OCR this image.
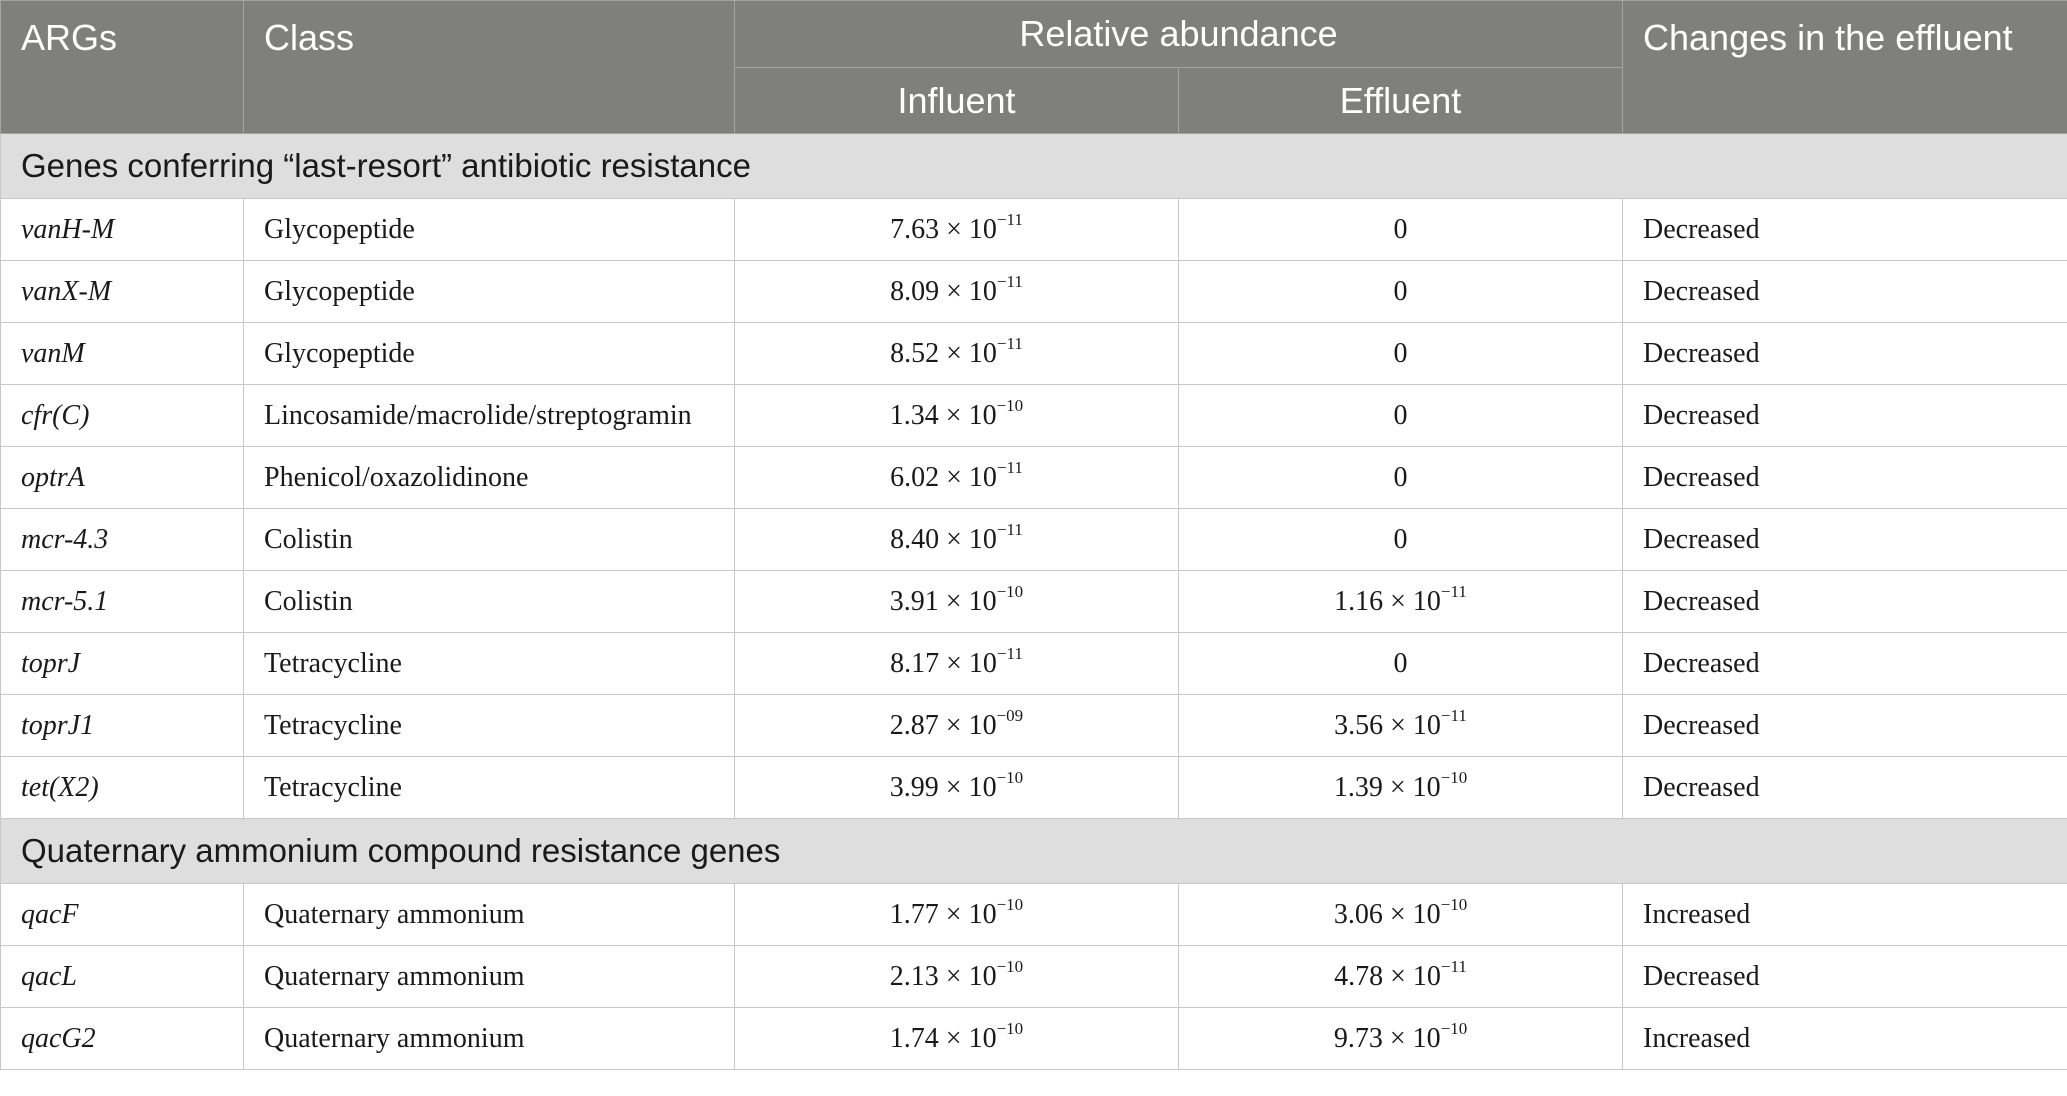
ARGs	Class	Relative abundance		Changes in the effluent
		Influent	Effluent	
Genes conferring “last-resort” antibiotic resistance				
vanH-M	Glycopeptide	$7.63 \times 10^{-11}$	0	Decreased
vanX-M	Glycopeptide	$8.09 \times 10^{-11}$	0	Decreased
vanM	Glycopeptide	$8.52 \times 10^{-11}$	0	Decreased
cfr(C)	Lincosamide/macrolide/streptogramin	$1.34 \times 10^{-10}$	0	Decreased
optrA	Phenicol/oxazolidinone	$6.02 \times 10^{-11}$	0	Decreased
mcr-4.3	Colistin	$8.40 \times 10^{-11}$	0	Decreased
mcr-5.1	Colistin	$3.91 \times 10^{-10}$	$1.16 \times 10^{-11}$	Decreased
toprJ	Tetracycline	$8.17 \times 10^{-11}$	0	Decreased
toprJ1	Tetracycline	$2.87 \times 10^{-09}$	$3.56 \times 10^{-11}$	Decreased
tet(X2)	Tetracycline	$3.99 \times 10^{-10}$	$1.39 \times 10^{-10}$	Decreased
Quaternary ammonium compound resistance genes				
qacF	Quaternary ammonium	$1.77 \times 10^{-10}$	$3.06 \times 10^{-10}$	Increased
qacL	Quaternary ammonium	$2.13 \times 10^{-10}$	$4.78 \times 10^{-11}$	Decreased
qacG2	Quaternary ammonium	$1.74 \times 10^{-10}$	$9.73 \times 10^{-10}$	Increased
